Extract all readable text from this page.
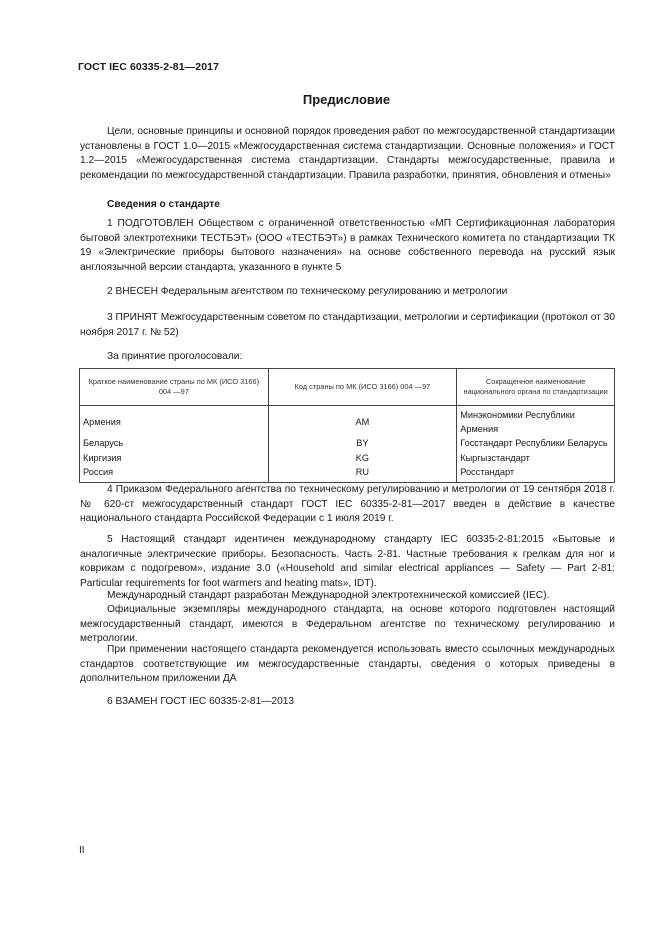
ГОСТ IEC 60335-2-81—2017
Предисловие

Цели, основные принципы и основной порядок проведения работ по межгосударственной стандартизации установлены в ГОСТ 1.0—2015 «Межгосударственная система стандартизации. Основные положения» и ГОСТ 1.2—2015 «Межгосударственная система стандартизации. Стандарты межгосударственные, правила и рекомендации по межгосударственной стандартизации. Правила разработки, принятия, обновления и отмены»

Сведения о стандарте

1 ПОДГОТОВЛЕН Обществом с ограниченной ответственностью «МП Сертификационная лаборатория бытовой электротехники ТЕСТБЭТ» (ООО «ТЕСТБЭТ») в рамках Технического комитета по стандартизации ТК 19 «Электрические приборы бытового назначения» на основе собственного перевода на русский язык англоязычной версии стандарта, указанного в пункте 5

2 ВНЕСЕН Федеральным агентством по техническому регулированию и метрологии

3 ПРИНЯТ Межгосударственным советом по стандартизации, метрологии и сертификации (протокол от 30 ноября 2017 г. № 52)

За принятие проголосовали:
Краткое наименование страны по МК (ИСО 3166) 004 —97	Код страны по МК (ИСО 3166) 004 —97	Сокращенное наименование национального органа по стандартизации
Армения	AM	Минэкономики Республики Армения
Беларусь	BY	Госстандарт Республики Беларусь
Киргизия	KG	Кыргызстандарт
Россия	RU	Росстандарт

4 Приказом Федерального агентства по техническому регулированию и метрологии от 19 сентября 2018 г. № 620-ст межгосударственный стандарт ГОСТ IEC 60335-2-81—2017 введен в действие в качестве национального стандарта Российской Федерации с 1 июля 2019 г.

5 Настоящий стандарт идентичен международному стандарту IEC 60335-2-81:2015 «Бытовые и аналогичные электрические приборы. Безопасность. Часть 2-81. Частные требования к грелкам для ног и коврикам с подогревом», издание 3.0 («Household and similar electrical appliances — Safety — Part 2-81: Particular requirements for foot warmers and heating mats», IDT).

Международный стандарт разработан Международной электротехнической комиссией (IEC).

Официальные экземпляры международного стандарта, на основе которого подготовлен настоящий межгосударственный стандарт, имеются в Федеральном агентстве по техническому регулированию и метрологии.

При применении настоящего стандарта рекомендуется использовать вместо ссылочных международных стандартов соответствующие им межгосударственные стандарты, сведения о которых приведены в дополнительном приложении ДА

6 ВЗАМЕН ГОСТ IEC 60335-2-81—2013

II
